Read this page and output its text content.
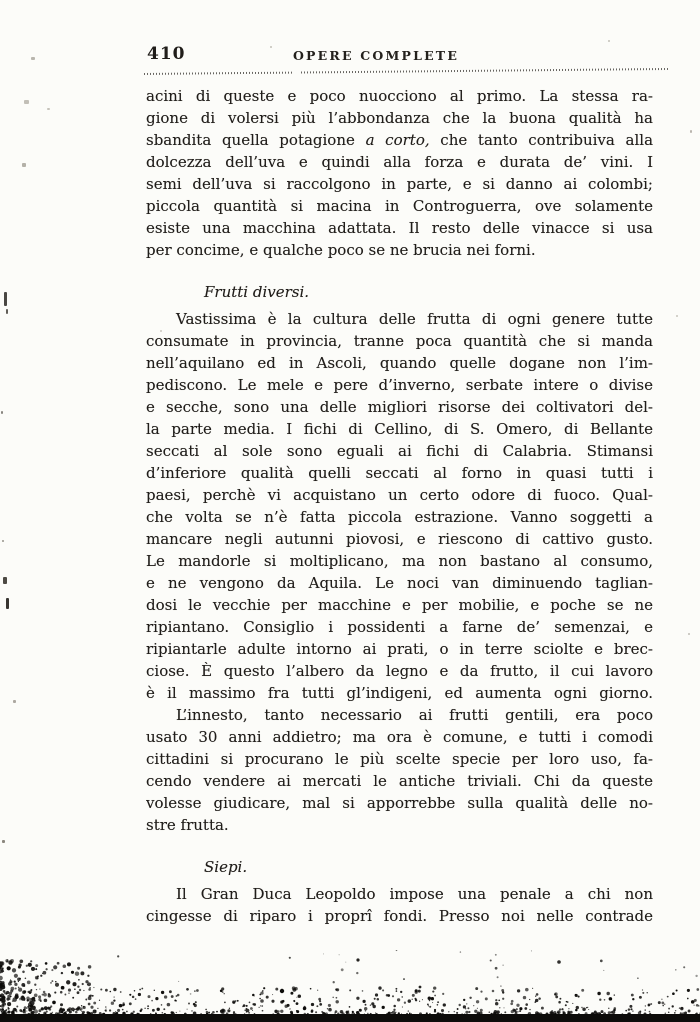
410	OPERE COMPLETE
acini di queste e poco nuocciono al primo. La stessa ra-
gione di volersi più l’abbondanza che la buona qualità ha
sbandita quella potagione a corto, che tanto contribuiva alla
dolcezza dell’uva e quindi alla forza e durata de’ vini. I
semi dell’uva si raccolgono in parte, e si danno ai colombi;
piccola quantità si macina in Controguerra, ove solamente
esiste una macchina adattata. Il resto delle vinacce si usa
per concime, e qualche poco se ne brucia nei forni.
Frutti diversi.
Vastissima è la cultura delle frutta di ogni genere tutte
consumate in provincia, tranne poca quantità che si manda
nell’aquilano ed in Ascoli, quando quelle dogane non l’im-
pediscono. Le mele e pere d’inverno, serbate intere o divise
e secche, sono una delle migliori risorse dei coltivatori del-
la parte media. I fichi di Cellino, di S. Omero, di Bellante
seccati al sole sono eguali ai fichi di Calabria. Stimansi
d’inferiore qualità quelli seccati al forno in quasi tutti i
paesi, perchè vi acquistano un certo odore di fuoco. Qual-
che volta se n’è fatta piccola estrazione. Vanno soggetti a
mancare negli autunni piovosi, e riescono di cattivo gusto.
Le mandorle si moltiplicano, ma non bastano al consumo,
e ne vengono da Aquila. Le noci van diminuendo taglian-
dosi le vecchie per macchine e per mobilie, e poche se ne
ripiantano. Consiglio i possidenti a farne de’ semenzai, e
ripiantarle adulte intorno ai prati, o in terre sciolte e brec-
ciose. È questo l’albero da legno e da frutto, il cui lavoro
è il massimo fra tutti gl’indigeni, ed aumenta ogni giorno.
L’innesto, tanto necessario ai frutti gentili, era poco
usato 30 anni addietro; ma ora è comune, e tutti i comodi
cittadini si procurano le più scelte specie per loro uso, fa-
cendo vendere ai mercati le antiche triviali. Chi da queste
volesse giudicare, mal si apporrebbe sulla qualità delle no-
stre frutta.
Siepi.
Il Gran Duca Leopoldo impose una penale a chi non
cingesse di riparo i proprî fondi. Presso noi nelle contrade
